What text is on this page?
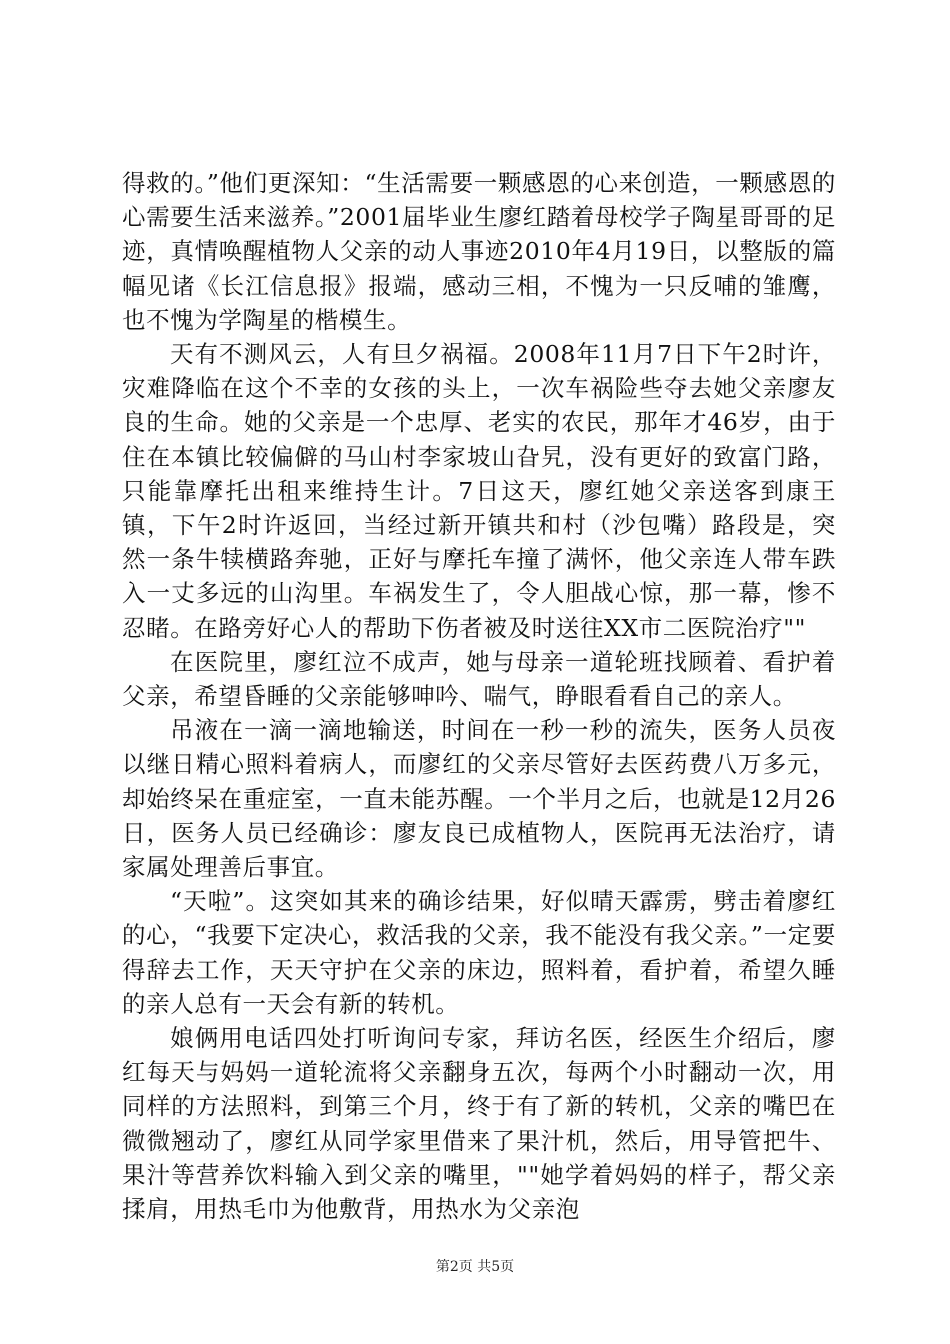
得救的。”他们更深知：“生活需要一颗感恩的心来创造，一颗感恩的心需要生活来滋养。”2001届毕业生廖红踏着母校学子陶星哥哥的足迹，真情唤醒植物人父亲的动人事迹2010年4月19日，以整版的篇幅见诸《长江信息报》报端，感动三相，不愧为一只反哺的雏鹰，也不愧为学陶星的楷模生。

天有不测风云，人有旦夕祸福。2008年11月7日下午2时许，灾难降临在这个不幸的女孩的头上，一次车祸险些夺去她父亲廖友良的生命。她的父亲是一个忠厚、老实的农民，那年才46岁，由于住在本镇比较偏僻的马山村李家坡山旮旯，没有更好的致富门路，只能靠摩托出租来维持生计。7日这天，廖红她父亲送客到康王镇，下午2时许返回，当经过新开镇共和村（沙包嘴）路段是，突然一条牛犊横路奔驰，正好与摩托车撞了满怀，他父亲连人带车跌入一丈多远的山沟里。车祸发生了，令人胆战心惊，那一幕，惨不忍睹。在路旁好心人的帮助下伤者被及时送往XX市二医院治疗""

在医院里，廖红泣不成声，她与母亲一道轮班找顾着、看护着父亲，希望昏睡的父亲能够呻吟、喘气，睁眼看看自己的亲人。

吊液在一滴一滴地输送，时间在一秒一秒的流失，医务人员夜以继日精心照料着病人，而廖红的父亲尽管好去医药费八万多元，却始终呆在重症室，一直未能苏醒。一个半月之后，也就是12月26日，医务人员已经确诊：廖友良已成植物人，医院再无法治疗，请家属处理善后事宜。

“天啦”。这突如其来的确诊结果，好似晴天霹雳，劈击着廖红的心，“我要下定决心，救活我的父亲，我不能没有我父亲。”一定要得辞去工作，天天守护在父亲的床边，照料着，看护着，希望久睡的亲人总有一天会有新的转机。

娘俩用电话四处打听询问专家，拜访名医，经医生介绍后，廖红每天与妈妈一道轮流将父亲翻身五次，每两个小时翻动一次，用同样的方法照料，到第三个月，终于有了新的转机，父亲的嘴巴在微微翘动了，廖红从同学家里借来了果汁机，然后，用导管把牛、果汁等营养饮料输入到父亲的嘴里，""她学着妈妈的样子，帮父亲揉肩，用热毛巾为他敷背，用热水为父亲泡

第2页 共5页
